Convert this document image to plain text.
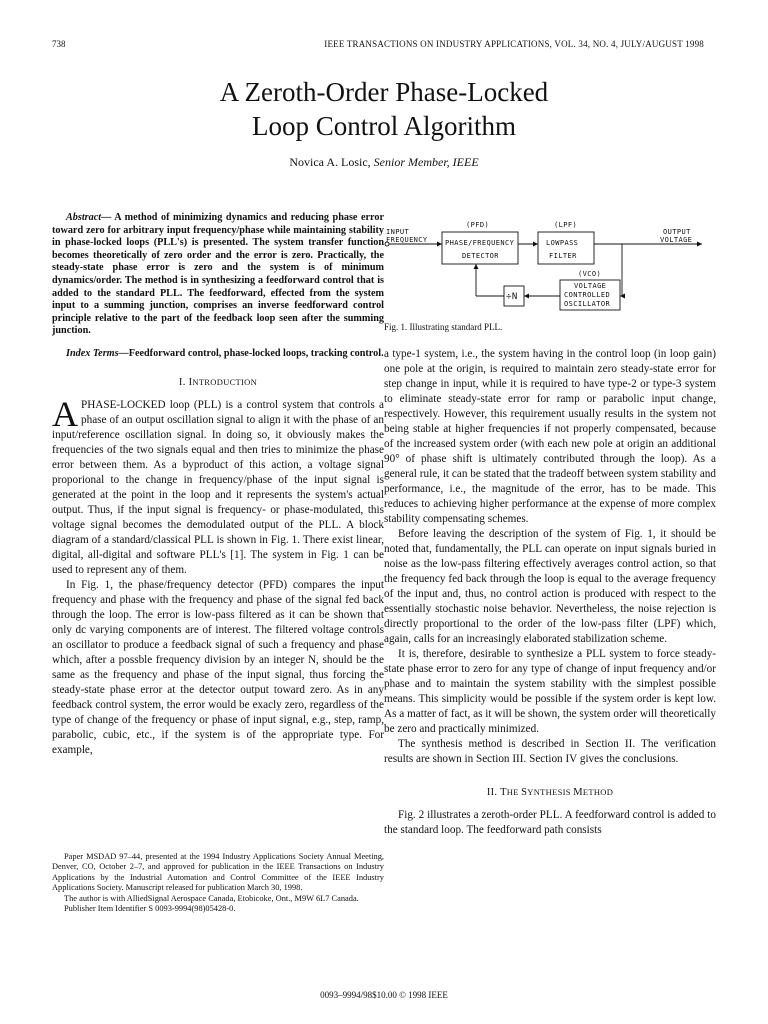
738	IEEE TRANSACTIONS ON INDUSTRY APPLICATIONS, VOL. 34, NO. 4, JULY/AUGUST 1998
A Zeroth-Order Phase-Locked
Loop Control Algorithm
Novica A. Losic, Senior Member, IEEE

Abstract— A method of minimizing dynamics and reducing phase error toward zero for arbitrary input frequency/phase while maintaining stability in phase-locked loops (PLL's) is presented. The system transfer function becomes theoretically of zero order and the error is zero. Practically, the steady-state phase error is zero and the system is of minimum dynamics/order. The method is in synthesizing a feedforward control that is added to the standard PLL. The feedforward, effected from the system input to a summing junction, comprises an inverse feedforward control principle relative to the part of the feedback loop seen after the summing junction.

Index Terms—Feedforward control, phase-locked loops, tracking control.

I. INTRODUCTION

APHASE-LOCKED loop (PLL) is a control system that controls a phase of an output oscillation signal to align it with the phase of an input/reference oscillation signal. In doing so, it obviously makes the frequencies of the two signals equal and then tries to minimize the phase error between them. As a byproduct of this action, a voltage signal proporional to the change in frequency/phase of the input signal is generated at the point in the loop and it represents the system's actual output. Thus, if the input signal is frequency- or phase-modulated, this voltage signal becomes the demodulated output of the PLL. A block diagram of a standard/classical PLL is shown in Fig. 1. There exist linear, digital, all-digital and software PLL's [1]. The system in Fig. 1 can be used to represent any of them.

In Fig. 1, the phase/frequency detector (PFD) compares the input frequency and phase with the frequency and phase of the signal fed back through the loop. The error is low-pass filtered as it can be shown that only dc varying components are of interest. The filtered voltage controls an oscillator to produce a feedback signal of such a frequency and phase which, after a possble frequency division by an integer N, should be the same as the frequency and phase of the input signal, thus forcing the steady-state phase error at the detector output toward zero. As in any feedback control system, the error would be exacly zero, regardless of the type of change of the frequency or phase of input signal, e.g., step, ramp, parabolic, cubic, etc., if the system is of the appropriate type. For example,

INPUT
FREQUENCY
(PFD)
PHASE/FREQUENCY
DETECTOR
(LPF)
LOWPASS
FILTER
OUTPUT
VOLTAGE
(VCO)
VOLTAGE
CONTROLLED
OSCILLATOR
÷N
Fig. 1. Illustrating standard PLL.

a type-1 system, i.e., the system having in the control loop (in loop gain) one pole at the origin, is required to maintain zero steady-state error for step change in input, while it is required to have type-2 or type-3 system to eliminate steady-state error for ramp or parabolic input change, respectively. However, this requirement usually results in the system not being stable at higher frequencies if not properly compensated, because of the increased system order (with each new pole at origin an additional 90° of phase shift is ultimately contributed through the loop). As a general rule, it can be stated that the tradeoff between system stability and performance, i.e., the magnitude of the error, has to be made. This reduces to achieving higher performance at the expense of more complex stability compensating schemes.

Before leaving the description of the system of Fig. 1, it should be noted that, fundamentally, the PLL can operate on input signals buried in noise as the low-pass filtering effectively averages control action, so that the frequency fed back through the loop is equal to the average frequency of the input and, thus, no control action is produced with respect to the essentially stochastic noise behavior. Nevertheless, the noise rejection is directly proportional to the order of the low-pass filter (LPF) which, again, calls for an increasingly elaborated stabilization scheme.

It is, therefore, desirable to synthesize a PLL system to force steady-state phase error to zero for any type of change of input frequency and/or phase and to maintain the system stability with the simplest possible means. This simplicity would be possible if the system order is kept low. As a matter of fact, as it will be shown, the system order will theoretically be zero and practically minimized.

The synthesis method is described in Section II. The verification results are shown in Section III. Section IV gives the conclusions.

II. THE SYNTHESIS METHOD

Fig. 2 illustrates a zeroth-order PLL. A feedforward control is added to the standard loop. The feedforward path consists

Paper MSDAD 97–44, presented at the 1994 Industry Applications Society Annual Meeting, Denver, CO, October 2–7, and approved for publication in the IEEE Transactions on Industry Applications by the Industrial Automation and Control Committee of the IEEE Industry Applications Society. Manuscript released for publication March 30, 1998.

The author is with AlliedSignal Aerospace Canada, Etobicoke, Ont., M9W 6L7 Canada.

Publisher Item Identifier S 0093-9994(98)05428-0.

0093–9994/98$10.00 © 1998 IEEE
